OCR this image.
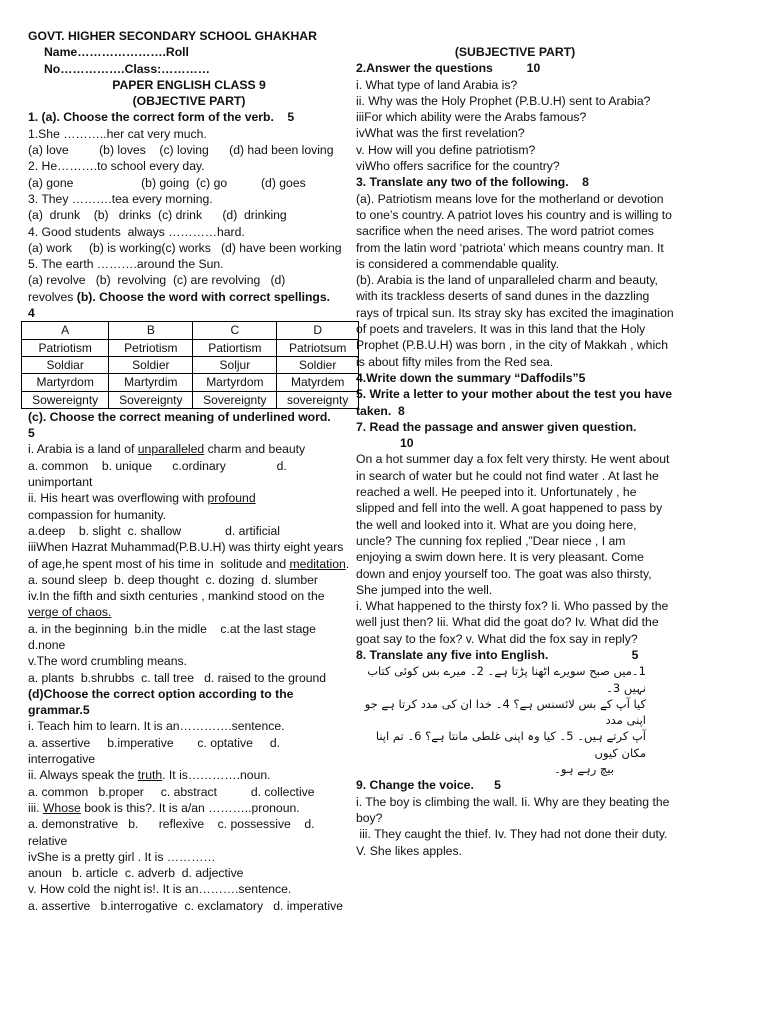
GOVT. HIGHER SECONDARY SCHOOL GHAKHAR
Name………………….Roll No…………….Class:…………
PAPER ENGLISH CLASS 9
(OBJECTIVE PART)
1. (a). Choose the correct form of the verb.    5
1.She ………..her cat very much.
(a) love         (b) loves    (c) loving      (d) had been loving
2. He……….to school every day.
(a) gone                    (b) going  (c) go          (d) goes
3. They ……….tea every morning.
(a)  drunk    (b)   drinks  (c) drink      (d)  drinking
4. Good students  always …………hard.
(a) work     (b) is working(c) works   (d) have been working
5. The earth ……….around the Sun.
(a) revolve   (b)  revolving  (c) are revolving   (d)
revolves (b). Choose the word with correct spellings.
4
A	B	C	D
Patriotism	Petriotism	Patiortism	Patriotsum
Soldiar	Soldier	Soljur	Soldier
Martyrdom	Martyrdim	Martyrdom	Matyrdem
Sowereignty	Sovereignty	Sovereignty	sovereignty
(c). Choose the correct meaning of underlined word.
5
i. Arabia is a land of unparalleled charm and beauty
a. common    b. unique      c.ordinary               d. unimportant
ii. His heart was overflowing with profound
compassion for humanity.
a.deep    b. slight  c. shallow             d. artificial
iiiWhen Hazrat Muhammad(P.B.U.H) was thirty eight years of age,he spent most of his time in  solitude and meditation.
a. sound sleep  b. deep thought  c. dozing  d. slumber
iv.In the fifth and sixth centuries , mankind stood on the verge of chaos.
a. in the beginning  b.in the midle    c.at the last stage d.none
v.The word crumbling means.
a. plants  b.shrubbs  c. tall tree   d. raised to the ground
(d)Choose the correct option according to the grammar.5
i. Teach him to learn. It is an………….sentence.
a. assertive     b.imperative       c. optative     d. interrogative
ii. Always speak the truth. It is………….noun.
a. common   b.proper     c. abstract          d. collective
iii. Whose book is this?. It is a/an ………..pronoun.
a. demonstrative   b.      reflexive    c. possessive    d. relative
ivShe is a pretty girl . It is …………
anoun   b. article  c. adverb  d. adjective
v. How cold the night is!. It is an……….sentence.
a. assertive   b.interrogative  c. exclamatory   d. imperative
(SUBJECTIVE PART)
2.Answer the questions          10
i. What type of land Arabia is?
ii. Why was the Holy Prophet (P.B.U.H) sent to Arabia?
iiiFor which ability were the Arabs famous?
ivWhat was the first revelation?
v. How will you define patriotism?
viWho offers sacrifice for the country?
3. Translate any two of the following.    8
(a). Patriotism means love for the motherland or devotion to one’s country. A patriot loves his country and is willing to sacrifice when the need arises. The word patriot comes from the latin word ‘patriota’ which means country man. It is considered a commendable quality.
(b). Arabia is the land of unparalleled charm and beauty, with its trackless deserts of sand dunes in the dazzling rays of trpical sun. Its stray sky has excited the imagination of poets and travelers. It was in this land that the Holy Prophet (P.B.U.H) was born , in the city of Makkah , which is about fifty miles from the Red sea.
4.Write down the summary “Daffodils”5
5. Write a letter to your mother about the test you have taken.  8
7. Read the passage and answer given question.
10
On a hot summer day a fox felt very thirsty. He went about in search of water but he could not find water . At last he reached a well. He peeped into it. Unfortunately , he slipped and fell into the well. A goat happened to pass by the well and looked into it. What are you doing here, uncle? The cunning fox replied ,”Dear niece , I am enjoying a swim down here. It is very pleasant. Come down and enjoy yourself too. The goat was also thirsty, She jumped into the well.
i. What happened to the thirsty fox? Ii. Who passed by the well just then? Iii. What did the goat do? Iv. What did the goat say to the fox? v. What did the fox say in reply?
8. Translate any five into English.	5
1۔میں صبح سویرے اٹھنا پڑتا ہے۔ 2۔ میرے بس کوئی کتاب نہیں 3۔
کیا آپ کے بس لائسنس ہے؟ 4۔ خدا ان کی مدد کرتا ہے جو اپنی مدد
آپ کرتے ہیں۔ 5۔ کیا وہ اپنی غلطی مانتا ہے؟ 6۔ تم اپنا مکان کیوں
بیچ رہے ہو۔
9. Change the voice.      5
i. The boy is climbing the wall. Ii. Why are they beating the boy?
iii. They caught the thief. Iv. They had not done their duty.
V. She likes apples.
